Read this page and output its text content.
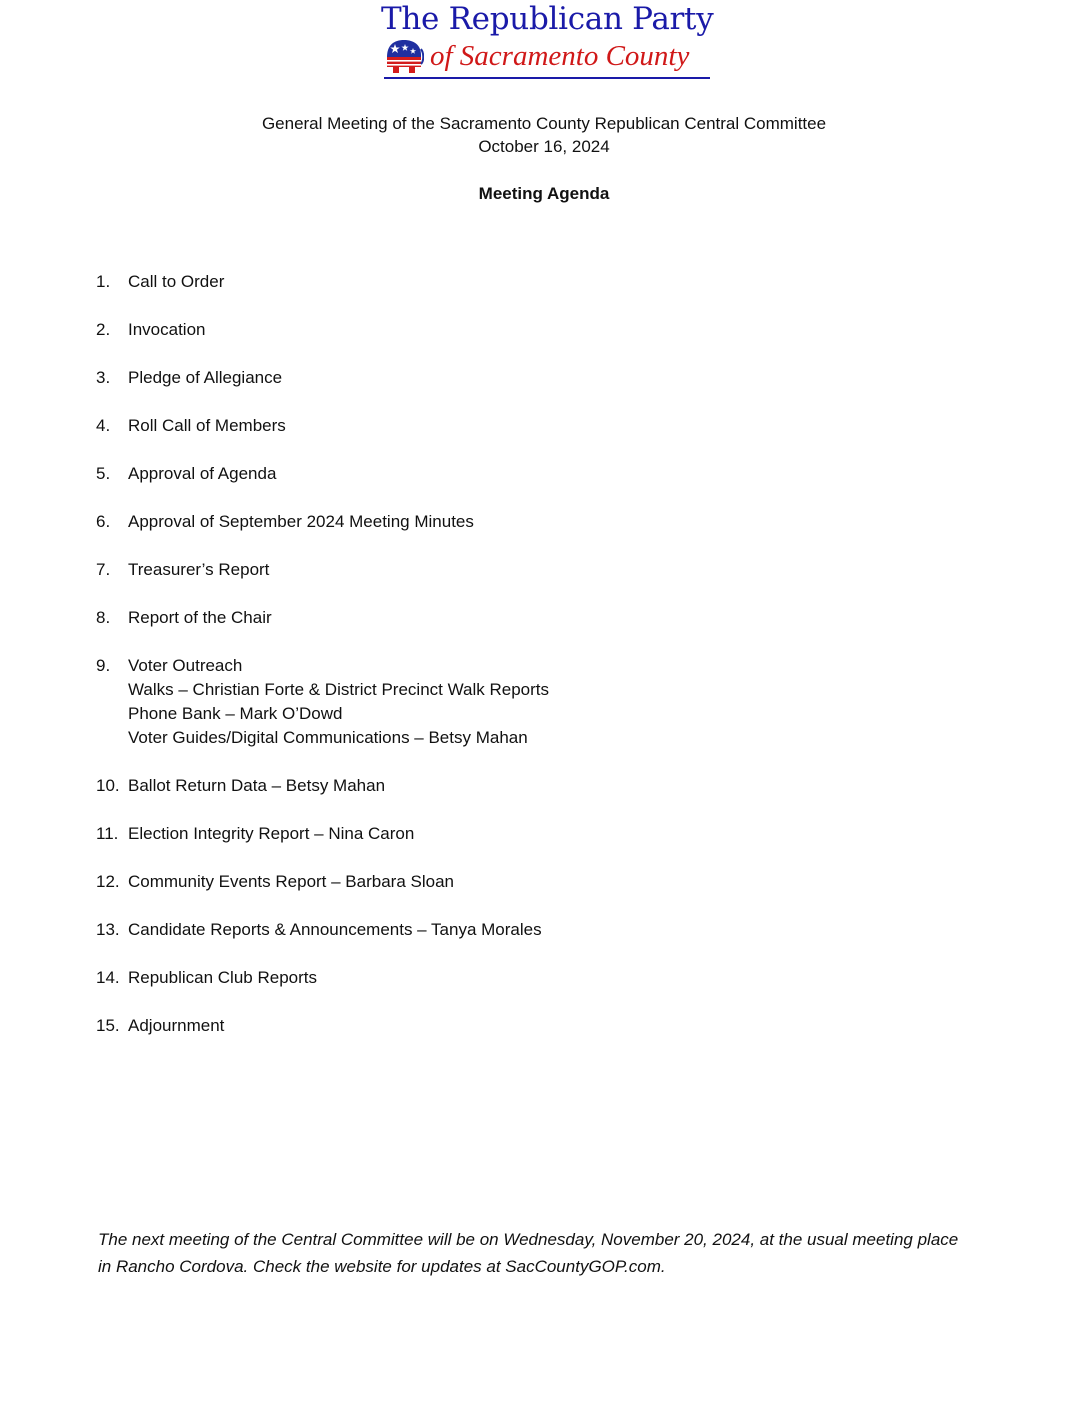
The Republican Party
of Sacramento County
General Meeting of the Sacramento County Republican Central Committee
October 16, 2024
Meeting Agenda
1.	Call to Order
2.	Invocation
3.	Pledge of Allegiance
4.	Roll Call of Members
5.	Approval of Agenda
6.	Approval of September 2024 Meeting Minutes
7.	Treasurer’s Report
8.	Report of the Chair
9.	Voter Outreach
Walks – Christian Forte & District Precinct Walk Reports
Phone Bank – Mark O’Dowd
Voter Guides/Digital Communications – Betsy Mahan
10. Ballot Return Data – Betsy Mahan
11. Election Integrity Report – Nina Caron
12. Community Events Report – Barbara Sloan
13. Candidate Reports & Announcements – Tanya Morales
14. Republican Club Reports
15. Adjournment
The next meeting of the Central Committee will be on Wednesday, November 20, 2024, at the usual meeting place
in Rancho Cordova. Check the website for updates at SacCountyGOP.com.
